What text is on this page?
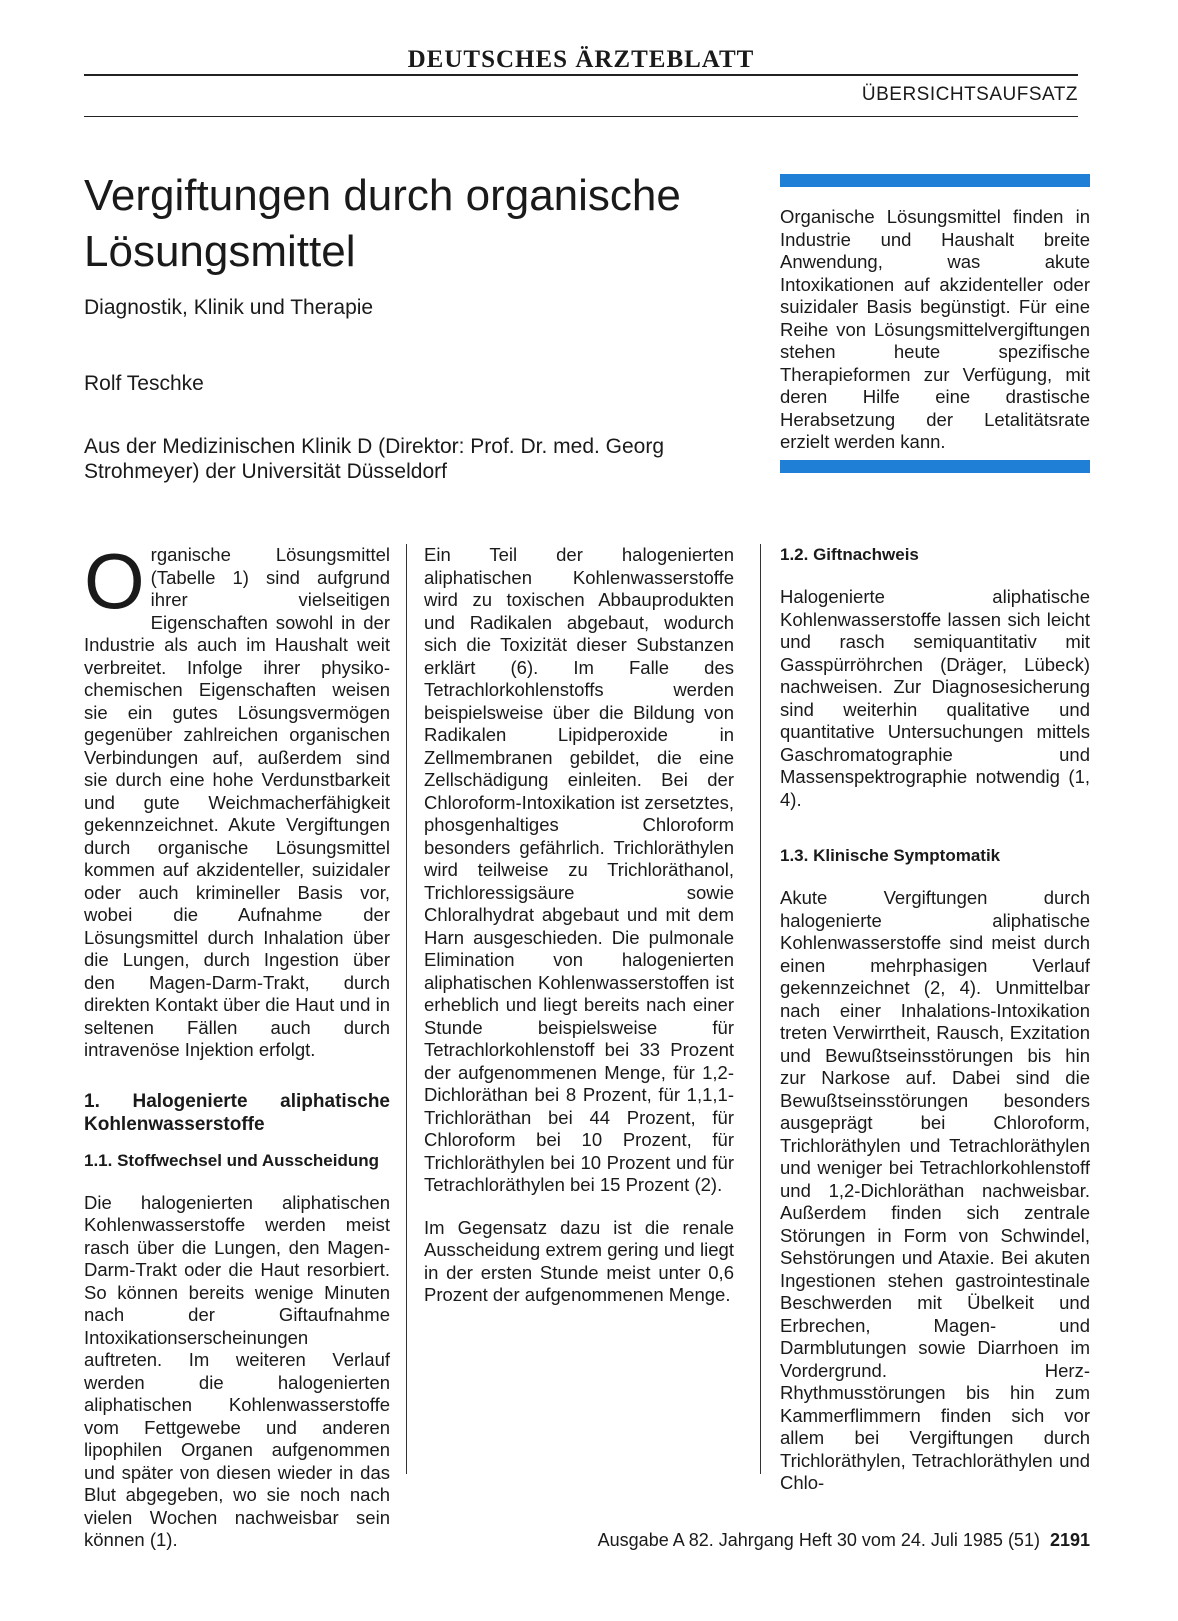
DEUTSCHES ÄRZTEBLATT
ÜBERSICHTSAUFSATZ
Vergiftungen durch organische Lösungsmittel
Diagnostik, Klinik und Therapie
Rolf Teschke
Aus der Medizinischen Klinik D (Direktor: Prof. Dr. med. Georg Strohmeyer) der Universität Düsseldorf
Organische Lösungsmittel finden in Industrie und Haushalt breite Anwendung, was akute Intoxikationen auf akzidenteller oder suizidaler Basis begünstigt. Für eine Reihe von Lösungsmittelvergiftungen stehen heute spezifische Therapieformen zur Verfügung, mit deren Hilfe eine drastische Herabsetzung der Letalitätsrate erzielt werden kann.

Organische Lösungsmittel (Tabelle 1) sind aufgrund ihrer vielseitigen Eigenschaften sowohl in der Industrie als auch im Haushalt weit verbreitet. Infolge ihrer physiko-chemischen Eigenschaften weisen sie ein gutes Lösungsvermögen gegenüber zahlreichen organischen Verbindungen auf, außerdem sind sie durch eine hohe Verdunstbarkeit und gute Weichmacherfähigkeit gekennzeichnet. Akute Vergiftungen durch organische Lösungsmittel kommen auf akzidenteller, suizidaler oder auch krimineller Basis vor, wobei die Aufnahme der Lösungsmittel durch Inhalation über die Lungen, durch Ingestion über den Magen-Darm-Trakt, durch direkten Kontakt über die Haut und in seltenen Fällen auch durch intravenöse Injektion erfolgt.

1. Halogenierte aliphatische Kohlenwasserstoffe
1.1. Stoffwechsel und Ausscheidung

Die halogenierten aliphatischen Kohlenwasserstoffe werden meist rasch über die Lungen, den Magen-Darm-Trakt oder die Haut resorbiert. So können bereits wenige Minuten nach der Giftaufnahme Intoxikationserscheinungen auftreten. Im weiteren Verlauf werden die halogenierten aliphatischen Kohlenwasserstoffe vom Fettgewebe und anderen lipophilen Organen aufgenommen und später von diesen wieder in das Blut abgegeben, wo sie noch nach vielen Wochen nachweisbar sein können (1).

Ein Teil der halogenierten aliphatischen Kohlenwasserstoffe wird zu toxischen Abbauprodukten und Radikalen abgebaut, wodurch sich die Toxizität dieser Substanzen erklärt (6). Im Falle des Tetrachlorkohlenstoffs werden beispielsweise über die Bildung von Radikalen Lipidperoxide in Zellmembranen gebildet, die eine Zellschädigung einleiten. Bei der Chloroform-Intoxikation ist zersetztes, phosgenhaltiges Chloroform besonders gefährlich. Trichloräthylen wird teilweise zu Trichloräthanol, Trichloressigsäure sowie Chloralhydrat abgebaut und mit dem Harn ausgeschieden. Die pulmonale Elimination von halogenierten aliphatischen Kohlenwasserstoffen ist erheblich und liegt bereits nach einer Stunde beispielsweise für Tetrachlorkohlenstoff bei 33 Prozent der aufgenommenen Menge, für 1,2-Dichloräthan bei 8 Prozent, für 1,1,1-Trichloräthan bei 44 Prozent, für Chloroform bei 10 Prozent, für Trichloräthylen bei 10 Prozent und für Tetrachloräthylen bei 15 Prozent (2).

Im Gegensatz dazu ist die renale Ausscheidung extrem gering und liegt in der ersten Stunde meist unter 0,6 Prozent der aufgenommenen Menge.

1.2. Giftnachweis

Halogenierte aliphatische Kohlenwasserstoffe lassen sich leicht und rasch semiquantitativ mit Gasspürröhrchen (Dräger, Lübeck) nachweisen. Zur Diagnosesicherung sind weiterhin qualitative und quantitative Untersuchungen mittels Gaschromatographie und Massenspektrographie notwendig (1, 4).

1.3. Klinische Symptomatik

Akute Vergiftungen durch halogenierte aliphatische Kohlenwasserstoffe sind meist durch einen mehrphasigen Verlauf gekennzeichnet (2, 4). Unmittelbar nach einer Inhalations-Intoxikation treten Verwirrtheit, Rausch, Exzitation und Bewußtseinsstörungen bis hin zur Narkose auf. Dabei sind die Bewußtseinsstörungen besonders ausgeprägt bei Chloroform, Trichloräthylen und Tetrachloräthylen und weniger bei Tetrachlorkohlenstoff und 1,2-Dichloräthan nachweisbar. Außerdem finden sich zentrale Störungen in Form von Schwindel, Sehstörungen und Ataxie. Bei akuten Ingestionen stehen gastrointestinale Beschwerden mit Übelkeit und Erbrechen, Magen- und Darmblutungen sowie Diarrhoen im Vordergrund. Herz-Rhythmusstörungen bis hin zum Kammerflimmern finden sich vor allem bei Vergiftungen durch Trichloräthylen, Tetrachloräthylen und Chlo-

Ausgabe A 82. Jahrgang Heft 30 vom 24. Juli 1985 (51) 2191
